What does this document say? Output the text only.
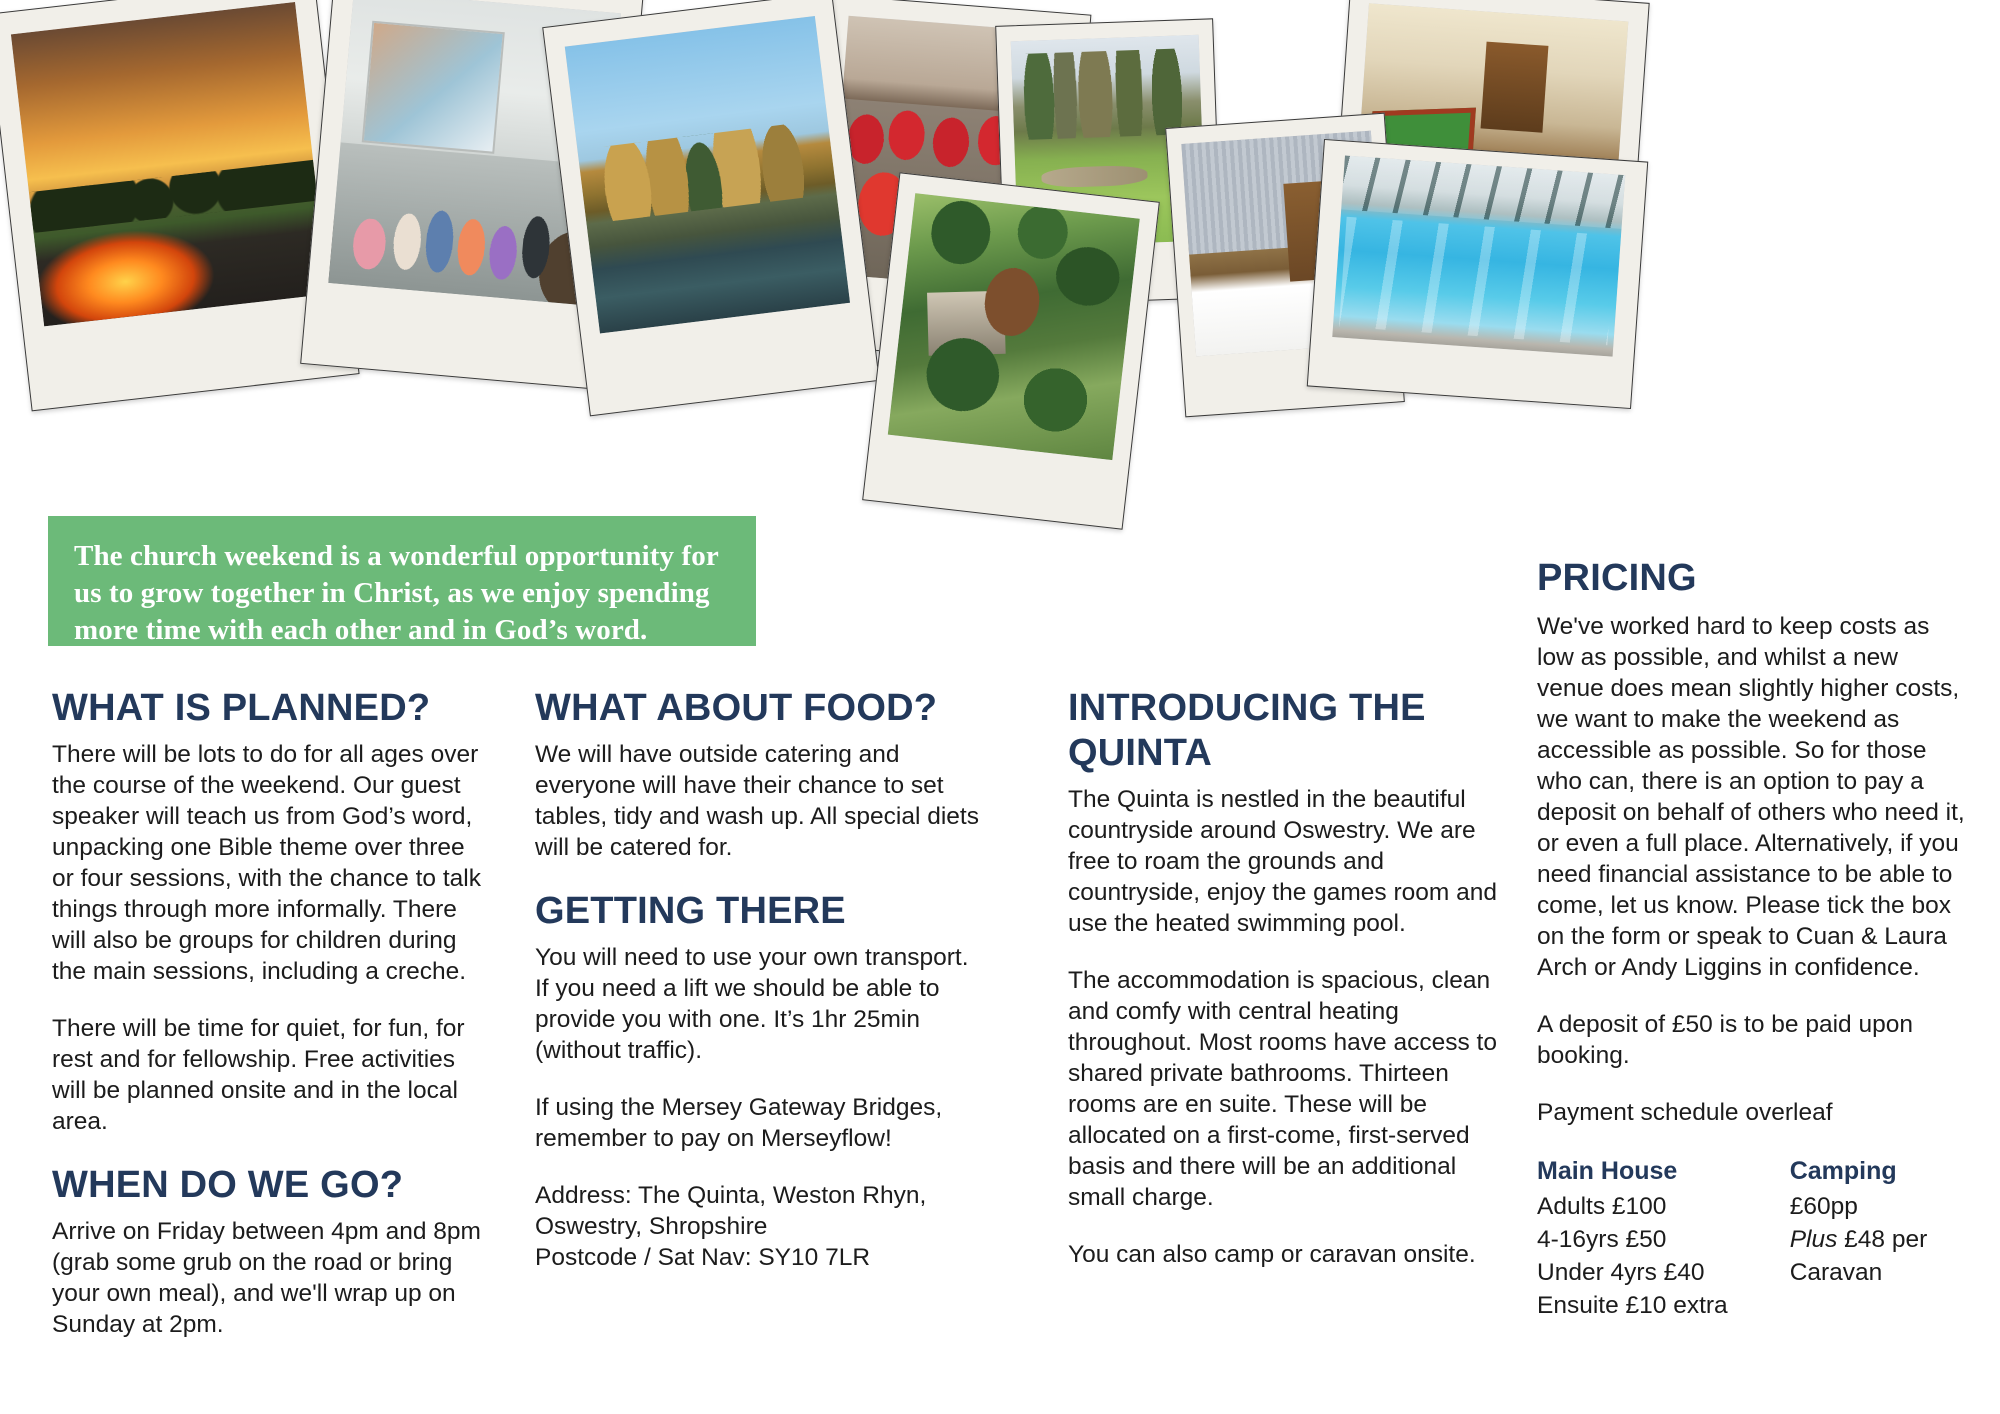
The church weekend is a wonderful opportunity for us to grow together in Christ, as we enjoy spending more time with each other and in God’s word.

WHAT IS PLANNED?

There will be lots to do for all ages over the course of the weekend. Our guest speaker will teach us from God’s word, unpacking one Bible theme over three or four sessions, with the chance to talk things through more informally. There will also be groups for children during the main sessions, including a creche.

There will be time for quiet, for fun, for rest and for fellowship. Free activities will be planned onsite and in the local area.

WHEN DO WE GO?

Arrive on Friday between 4pm and 8pm (grab some grub on the road or bring your own meal), and we'll wrap up on Sunday at 2pm.

WHAT ABOUT FOOD?

We will have outside catering and everyone will have their chance to set tables, tidy and wash up. All special diets will be catered for.

GETTING THERE

You will need to use your own transport. If you need a lift we should be able to provide you with one. It’s 1hr 25min (without traffic).

If using the Mersey Gateway Bridges, remember to pay on Merseyflow!

Address: The Quinta, Weston Rhyn,

Oswestry, Shropshire

Postcode / Sat Nav: SY10 7LR

INTRODUCING THE QUINTA

The Quinta is nestled in the beautiful countryside around Oswestry. We are free to roam the grounds and countryside, enjoy the games room and use the heated swimming pool.

The accommodation is spacious, clean and comfy with central heating throughout. Most rooms have access to shared private bathrooms. Thirteen rooms are en suite. These will be allocated on a first-come, first-served basis and there will be an additional small charge.

You can also camp or caravan onsite.

PRICING

We've worked hard to keep costs as low as possible, and whilst a new venue does mean slightly higher costs, we want to make the weekend as accessible as possible. So for those who can, there is an option to pay a deposit on behalf of others who need it, or even a full place. Alternatively, if you need financial assistance to be able to come, let us know. Please tick the box on the form or speak to Cuan & Laura Arch or Andy Liggins in confidence.

A deposit of £50 is to be paid upon booking.

Payment schedule overleaf

Main House

Adults £100

4-16yrs £50

Under 4yrs £40

Ensuite £10 extra

Camping

£60pp

Plus £48 per

Caravan
